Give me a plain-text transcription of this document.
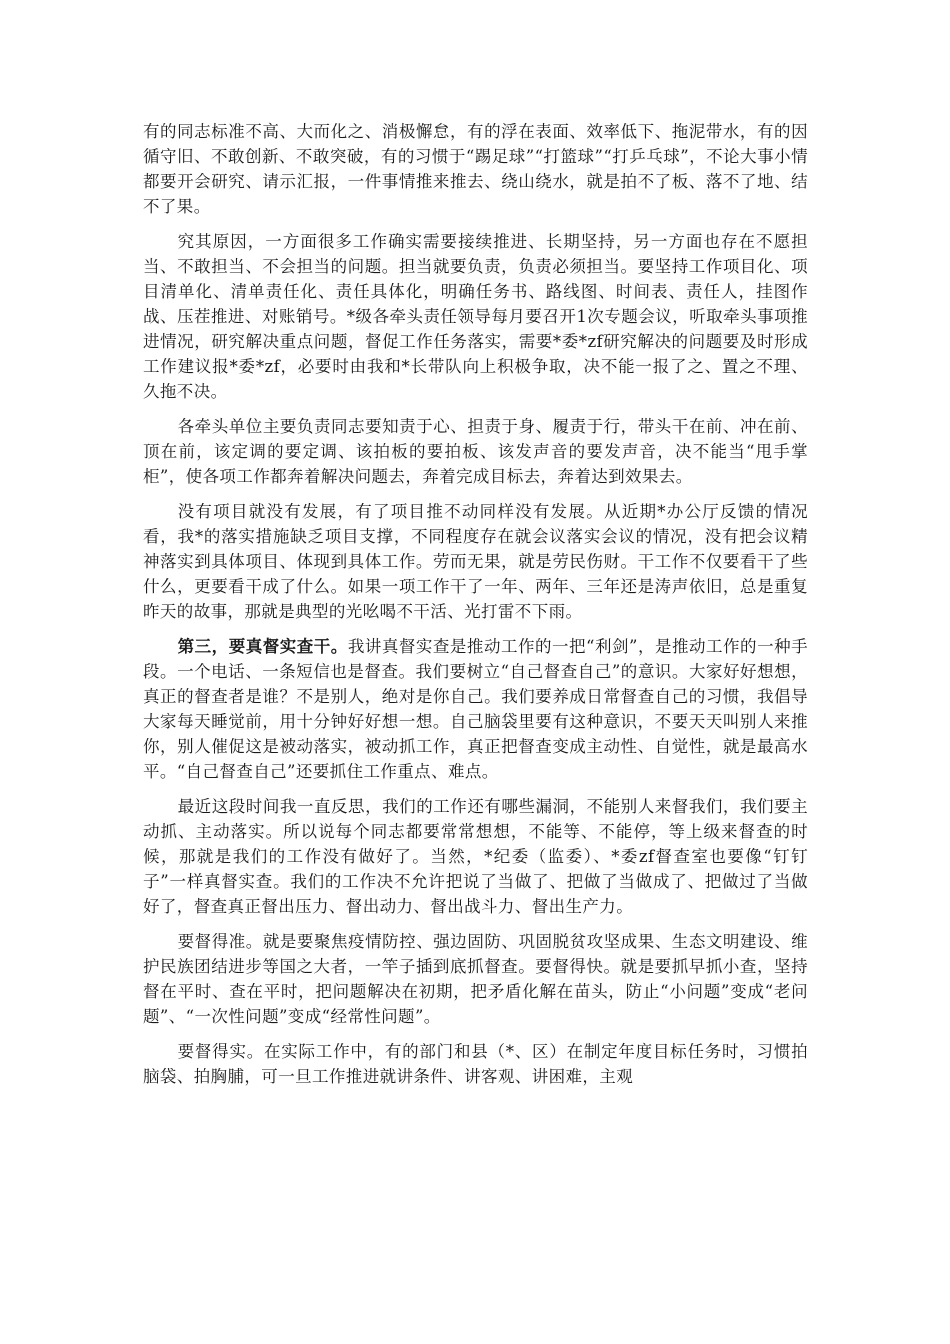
有的同志标准不高、大而化之、消极懈怠，有的浮在表面、效率低下、拖泥带水，有的因循守旧、不敢创新、不敢突破，有的习惯于“踢足球”“打篮球”“打乒乓球”，不论大事小情都要开会研究、请示汇报，一件事情推来推去、绕山绕水，就是拍不了板、落不了地、结不了果。

究其原因，一方面很多工作确实需要接续推进、长期坚持，另一方面也存在不愿担当、不敢担当、不会担当的问题。担当就要负责，负责必须担当。要坚持工作项目化、项目清单化、清单责任化、责任具体化，明确任务书、路线图、时间表、责任人，挂图作战、压茬推进、对账销号。*级各牵头责任领导每月要召开1次专题会议，听取牵头事项推进情况，研究解决重点问题，督促工作任务落实，需要*委*zf研究解决的问题要及时形成工作建议报*委*zf，必要时由我和*长带队向上积极争取，决不能一报了之、置之不理、久拖不决。

各牵头单位主要负责同志要知责于心、担责于身、履责于行，带头干在前、冲在前、顶在前，该定调的要定调、该拍板的要拍板、该发声音的要发声音，决不能当“甩手掌柜”，使各项工作都奔着解决问题去，奔着完成目标去，奔着达到效果去。

没有项目就没有发展，有了项目推不动同样没有发展。从近期*办公厅反馈的情况看，我*的落实措施缺乏项目支撑，不同程度存在就会议落实会议的情况，没有把会议精神落实到具体项目、体现到具体工作。劳而无果，就是劳民伤财。干工作不仅要看干了些什么，更要看干成了什么。如果一项工作干了一年、两年、三年还是涛声依旧，总是重复昨天的故事，那就是典型的光吆喝不干活、光打雷不下雨。

第三，要真督实查干。我讲真督实查是推动工作的一把“利剑”，是推动工作的一种手段。一个电话、一条短信也是督查。我们要树立“自己督查自己”的意识。大家好好想想，真正的督查者是谁？不是别人，绝对是你自己。我们要养成日常督查自己的习惯，我倡导大家每天睡觉前，用十分钟好好想一想。自己脑袋里要有这种意识，不要天天叫别人来推你，别人催促这是被动落实，被动抓工作，真正把督查变成主动性、自觉性，就是最高水平。“自己督查自己”还要抓住工作重点、难点。

最近这段时间我一直反思，我们的工作还有哪些漏洞，不能别人来督我们，我们要主动抓、主动落实。所以说每个同志都要常常想想，不能等、不能停，等上级来督查的时候，那就是我们的工作没有做好了。当然，*纪委（监委）、*委zf督查室也要像“钉钉子”一样真督实查。我们的工作决不允许把说了当做了、把做了当做成了、把做过了当做好了，督查真正督出压力、督出动力、督出战斗力、督出生产力。

要督得准。就是要聚焦疫情防控、强边固防、巩固脱贫攻坚成果、生态文明建设、维护民族团结进步等国之大者，一竿子插到底抓督查。要督得快。就是要抓早抓小查，坚持督在平时、查在平时，把问题解决在初期，把矛盾化解在苗头，防止“小问题”变成“老问题”、“一次性问题”变成“经常性问题”。

要督得实。在实际工作中，有的部门和县（*、区）在制定年度目标任务时，习惯拍脑袋、拍胸脯，可一旦工作推进就讲条件、讲客观、讲困难，主观
